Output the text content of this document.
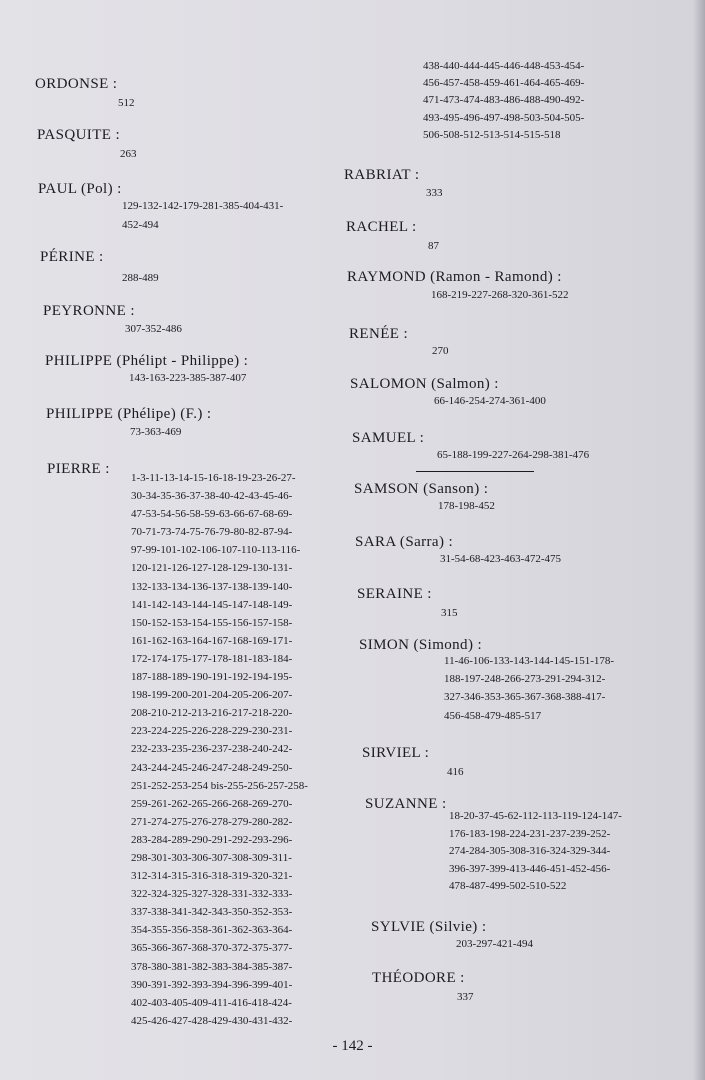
ORDONSE :
512
PASQUITE :
263
PAUL (Pol) :
129-132-142-179-281-385-404-431-
452-494
PÉRINE :
288-489
PEYRONNE :
307-352-486
PHILIPPE (Phélipt - Philippe) :
143-163-223-385-387-407
PHILIPPE (Phélipe) (F.) :
73-363-469
PIERRE :
1-3-11-13-14-15-16-18-19-23-26-27-
30-34-35-36-37-38-40-42-43-45-46-
47-53-54-56-58-59-63-66-67-68-69-
70-71-73-74-75-76-79-80-82-87-94-
97-99-101-102-106-107-110-113-116-
120-121-126-127-128-129-130-131-
132-133-134-136-137-138-139-140-
141-142-143-144-145-147-148-149-
150-152-153-154-155-156-157-158-
161-162-163-164-167-168-169-171-
172-174-175-177-178-181-183-184-
187-188-189-190-191-192-194-195-
198-199-200-201-204-205-206-207-
208-210-212-213-216-217-218-220-
223-224-225-226-228-229-230-231-
232-233-235-236-237-238-240-242-
243-244-245-246-247-248-249-250-
251-252-253-254 bis-255-256-257-258-
259-261-262-265-266-268-269-270-
271-274-275-276-278-279-280-282-
283-284-289-290-291-292-293-296-
298-301-303-306-307-308-309-311-
312-314-315-316-318-319-320-321-
322-324-325-327-328-331-332-333-
337-338-341-342-343-350-352-353-
354-355-356-358-361-362-363-364-
365-366-367-368-370-372-375-377-
378-380-381-382-383-384-385-387-
390-391-392-393-394-396-399-401-
402-403-405-409-411-416-418-424-
425-426-427-428-429-430-431-432-
438-440-444-445-446-448-453-454-
456-457-458-459-461-464-465-469-
471-473-474-483-486-488-490-492-
493-495-496-497-498-503-504-505-
506-508-512-513-514-515-518
RABRIAT :
333
RACHEL :
87
RAYMOND (Ramon - Ramond) :
168-219-227-268-320-361-522
RENÉE :
270
SALOMON (Salmon) :
66-146-254-274-361-400
SAMUEL :
65-188-199-227-264-298-381-476
SAMSON (Sanson) :
178-198-452
SARA (Sarra) :
31-54-68-423-463-472-475
SERAINE :
315
SIMON (Simond) :
11-46-106-133-143-144-145-151-178-
188-197-248-266-273-291-294-312-
327-346-353-365-367-368-388-417-
456-458-479-485-517
SIRVIEL :
416
SUZANNE :
18-20-37-45-62-112-113-119-124-147-
176-183-198-224-231-237-239-252-
274-284-305-308-316-324-329-344-
396-397-399-413-446-451-452-456-
478-487-499-502-510-522
SYLVIE (Silvie) :
203-297-421-494
THÉODORE :
337
- 142 -
